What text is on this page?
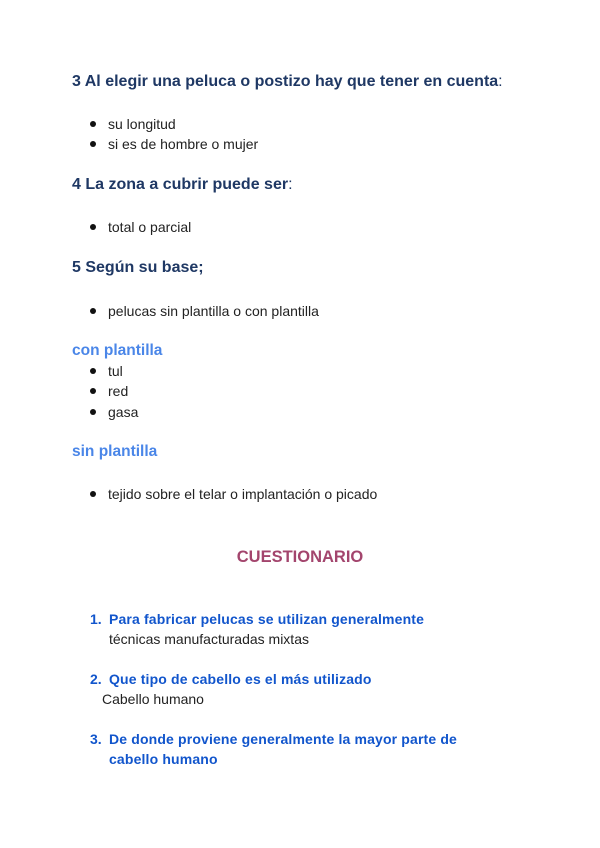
3 Al elegir una peluca o postizo hay que tener en cuenta:
su longitud
si es de hombre o mujer
4 La zona a cubrir puede ser:
total o parcial
5 Según su base;
pelucas sin plantilla o con plantilla
con plantilla
tul
red
gasa
sin plantilla
tejido sobre el telar o implantación o picado
CUESTIONARIO
1. Para fabricar pelucas se utilizan generalmente
técnicas manufacturadas mixtas
2. Que tipo de cabello es el más utilizado
Cabello humano
3. De donde proviene generalmente la mayor parte de
cabello humano
